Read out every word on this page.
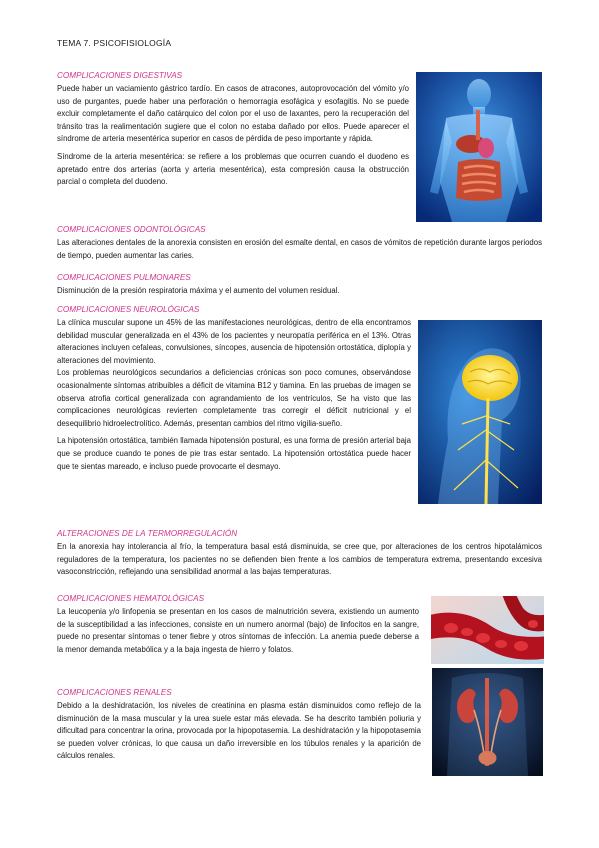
TEMA 7. PSICOFISIOLOGÍA
COMPLICACIONES DIGESTIVAS

Puede haber un vaciamiento gástrico tardío. En casos de atracones, autoprovocación del vómito y/o uso de purgantes, puede haber una perforación o hemorragia esofágica y esofagitis. No se puede excluir completamente el daño catárquico del colon por el uso de laxantes, pero la recuperación del tránsito tras la realimentación sugiere que el colon no estaba dañado por ellos. Puede aparecer el síndrome de arteria mesentérica superior en casos de pérdida de peso importante y rápida.

Síndrome de la arteria mesentérica: se refiere a los problemas que ocurren cuando el duodeno es apretado entre dos arterias (aorta y arteria mesentérica), esta compresión causa la obstrucción parcial o completa del duodeno.

COMPLICACIONES ODONTOLÓGICAS

Las alteraciones dentales de la anorexia consisten en erosión del esmalte dental, en casos de vómitos de repetición durante largos periodos de tiempo, pueden aumentar las caries.

COMPLICACIONES PULMONARES

Disminución de la presión respiratoria máxima y el aumento del volumen residual.

COMPLICACIONES NEUROLÓGICAS

La clínica muscular supone un 45% de las manifestaciones neurológicas, dentro de ella encontramos debilidad muscular generalizada en el 43% de los pacientes y neuropatía periférica en el 13%. Otras alteraciones incluyen cefaleas, convulsiones, síncopes, ausencia de hipotensión ortostática, diplopía y alteraciones del movimiento.

Los problemas neurológicos secundarios a deficiencias crónicas son poco comunes, observándose ocasionalmente síntomas atribuibles a déficit de vitamina B12 y tiamina. En las pruebas de imagen se observa atrofia cortical generalizada con agrandamiento de los ventrículos, Se ha visto que las complicaciones neurológicas revierten completamente tras corregir el déficit nutricional y el desequilibrio hidroelectrolítico. Además, presentan cambios del ritmo vigilia-sueño.

La hipotensión ortostática, también llamada hipotensión postural, es una forma de presión arterial baja que se produce cuando te pones de pie tras estar sentado. La hipotensión ortostática puede hacer que te sientas mareado, e incluso puede provocarte el desmayo.

ALTERACIONES DE LA TERMORREGULACIÓN

En la anorexia hay intolerancia al frío, la temperatura basal está disminuida, se cree que, por alteraciones de los centros hipotalámicos reguladores de la temperatura, los pacientes no se defienden bien frente a los cambios de temperatura extrema, presentando excesiva vasoconstricción, reflejando una sensibilidad anormal a las bajas temperaturas.

COMPLICACIONES HEMATOLÓGICAS

La leucopenia y/o linfopenia se presentan en los casos de malnutrición severa, existiendo un aumento de la susceptibilidad a las infecciones, consiste en un numero anormal (bajo) de linfocitos en la sangre, puede no presentar síntomas o tener fiebre y otros síntomas de infección. La anemia puede deberse a la menor demanda metabólica y a la baja ingesta de hierro y folatos.

COMPLICACIONES RENALES

Debido a la deshidratación, los niveles de creatinina en plasma están disminuidos como reflejo de la disminución de la masa muscular y la urea suele estar más elevada. Se ha descrito también poliuria y dificultad para concentrar la orina, provocada por la hipopotasemia. La deshidratación y la hipopotasemia se pueden volver crónicas, lo que causa un daño irreversible en los túbulos renales y la aparición de cálculos renales.
